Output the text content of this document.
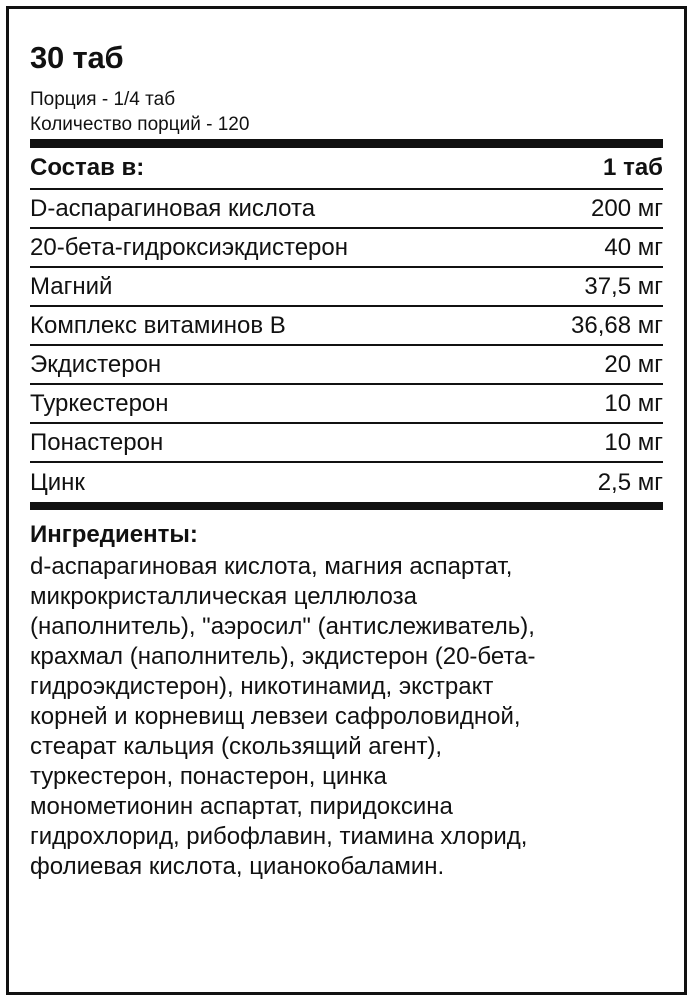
30 таб
Порция - 1/4 таб
Количество порций - 120
Состав в:	1 таб
D-аспарагиновая кислота	200 мг
20-бета-гидроксиэкдистерон	40 мг
Магний	37,5 мг
Комплекс витаминов В	36,68 мг
Экдистерон	20 мг
Туркестерон	10 мг
Понастерон	10 мг
Цинк	2,5 мг
Ингредиенты:
d-аспарагиновая кислота, магния аспартат,
микрокристаллическая целлюлоза
(наполнитель), "аэросил" (антислеживатель),
крахмал (наполнитель), экдистерон (20-бета-
гидроэкдистерон), никотинамид, экстракт
корней и корневищ левзеи сафроловидной,
стеарат кальция (скользящий агент),
туркестерон, понастерон, цинка
монометионин аспартат, пиридоксина
гидрохлорид, рибофлавин, тиамина хлорид,
фолиевая кислота, цианокобаламин.
